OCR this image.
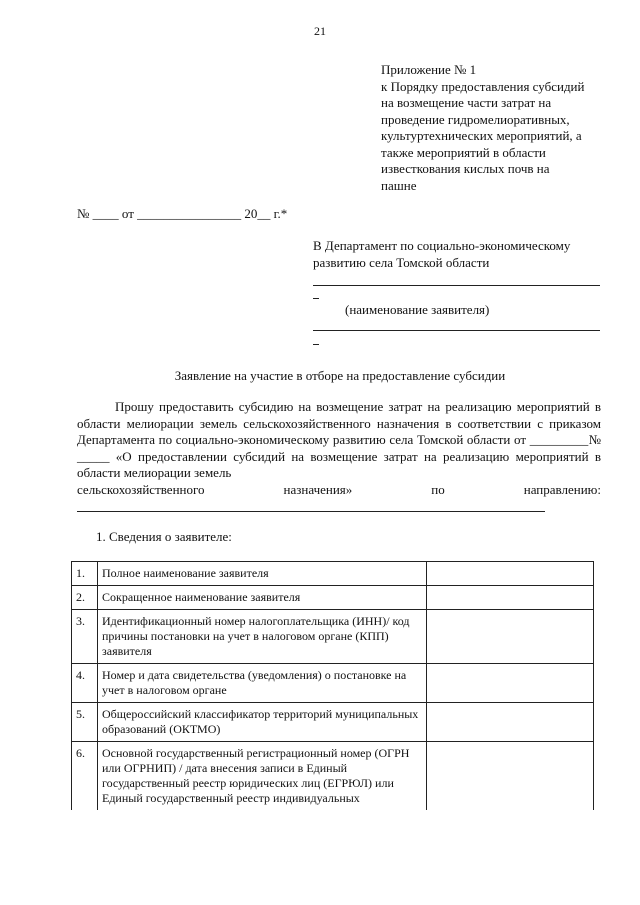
21
Приложение № 1
к Порядку предоставления субсидий
на возмещение части затрат на
проведение гидромелиоративных,
культуртехнических мероприятий, а
также мероприятий в области
известкования кислых почв на
пашне
№ ____ от ________________ 20__ г.*
В Департамент по социально-экономическому
развитию села Томской области
(наименование заявителя)
Заявление на участие в отборе на предоставление субсидии

Прошу предоставить субсидию на возмещение затрат на реализацию мероприятий в области мелиорации земель сельскохозяйственного назначения в соответствии с приказом Департамента по социально-экономическому развитию села Томской области от _________№ _____ «О предоставлении субсидий на возмещение затрат на реализацию мероприятий в области мелиорации земель

сельскохозяйственного назначения» по направлению:

1. Сведения о заявителе:
1.	Полное наименование заявителя	
2.	Сокращенное наименование заявителя	
3.	Идентификационный номер налогоплательщика (ИНН)/ код причины постановки на учет в налоговом органе (КПП) заявителя	
4.	Номер и дата свидетельства (уведомления) о постановке на учет в налоговом органе	
5.	Общероссийский классификатор территорий муниципальных образований (ОКТМО)	
6.	Основной государственный регистрационный номер (ОГРН или ОГРНИП) / дата внесения записи в Единый государственный реестр юридических лиц (ЕГРЮЛ) или Единый государственный реестр индивидуальных	
